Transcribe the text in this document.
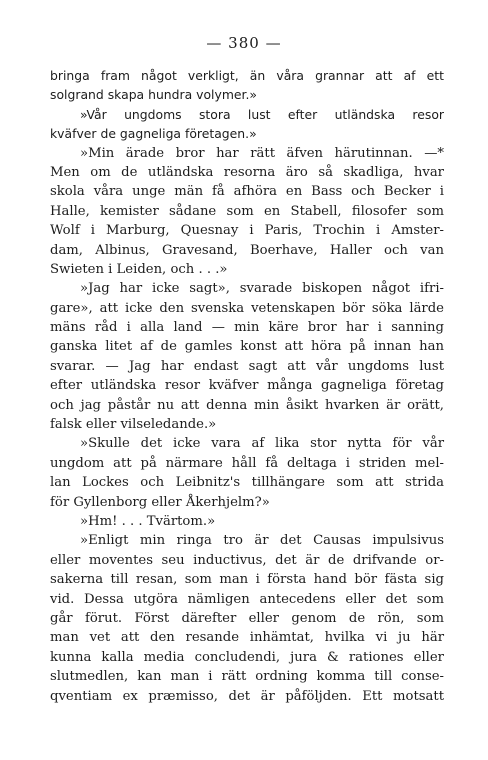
— 380 —
bringa fram något verkligt, än våra grannar att af ett
solgrand skapa hundra volymer.»
»Vår ungdoms stora lust efter utländska resor
kväfver de gagneliga företagen.»
»Min ärade bror har rätt äfven härutinnan. —*
Men om de utländska resorna äro så skadliga, hvar
skola våra unge män få afhöra en Bass och Becker i
Halle, kemister sådane som en Stabell, filosofer som
Wolf i Marburg, Quesnay i Paris, Trochin i Amster-
dam, Albinus, Gravesand, Boerhave, Haller och van
Swieten i Leiden, och . . .»
»Jag har icke sagt», svarade biskopen något ifri-
gare», att icke den svenska vetenskapen bör söka lärde
mäns råd i alla land — min käre bror har i sanning
ganska litet af de gamles konst att höra på innan han
svarar. — Jag har endast sagt att vår ungdoms lust
efter utländska resor kväfver många gagneliga företag
och jag påstår nu att denna min åsikt hvarken är orätt,
falsk eller vilseledande.»
»Skulle det icke vara af lika stor nytta för vår
ungdom att på närmare håll få deltaga i striden mel-
lan Lockes och Leibnitz's tillhängare som att strida
för Gyllenborg eller Åkerhjelm?»
»Hm! . . . Tvärtom.»
»Enligt min ringa tro är det Causas impulsivus
eller moventes seu inductivus, det är de drifvande or-
sakerna till resan, som man i första hand bör fästa sig
vid. Dessa utgöra nämligen antecedens eller det som
går förut. Först därefter eller genom de rön, som
man vet att den resande inhämtat, hvilka vi ju här
kunna kalla media concludendi, jura & rationes eller
slutmedlen, kan man i rätt ordning komma till conse-
qventiam ex præmisso, det är påföljden. Ett motsatt
